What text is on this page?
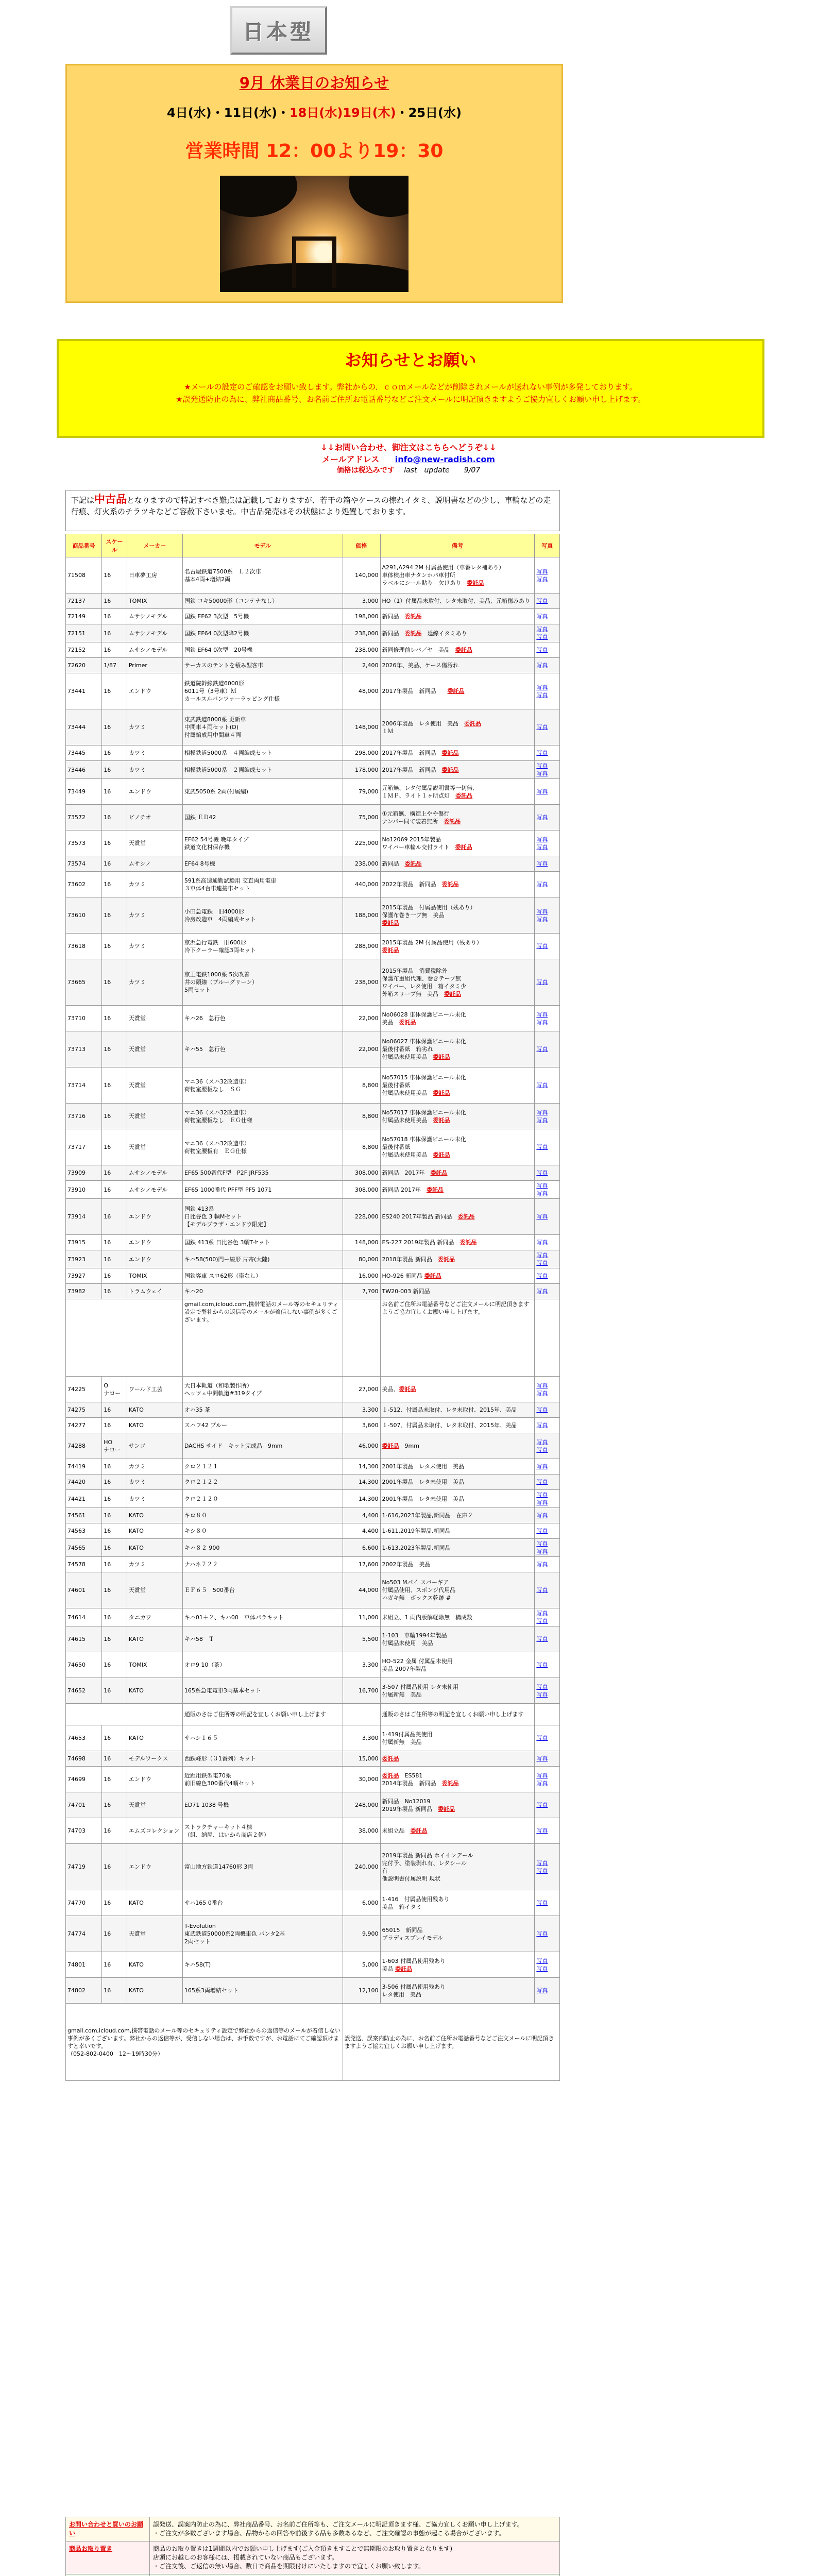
日本型
9月 休業日のお知らせ
4日(水)・11日(水)・18日(水)19日(木)・25日(水)
営業時間 12：00より19：30
お知らせとお願い
★メールの設定のご確認をお願い致します。弊社からの．ｃｏｍメールなどが削除されメールが送れない事例が多発しております。
★誤発送防止の為に、弊社商品番号、お名前ご住所お電話番号などご注文メールに明記頂きますようご協力宜しくお願い申し上げます。
↓↓お問い合わせ、御注文はこちらへどうぞ↓↓
メールアドレス info@new-radish.com
価格は税込みです last　update　　9/07
下記は中古品となりますので特記すべき難点は記載しておりますが、若干の箱やケースの擦れイタミ、説明書などの少し、車輪などの走行痕、灯火系のチラツキなどご容赦下さいませ。中古品発売はその状態により処置しております。
商品番号	スケール	メーカー	モデル	価格	備考	写真
71508	16	日車夢工房	名古屋鉄道7500系　Ｌ２次車
基本4両+増結2両	140,000	A291,A294 2M 付属品使用（車番レタ補あり）
車体検出車ナタンホパ車付所
ラベルにシール貼り　欠けあり　委託品	写真
写真
72137	16	TOMIX	国鉄 コキ50000形（コンテナなし）	3,000	HO（1）付属品未取付、レタ未取付、美品、元箱傷みあり	写真
72149	16	ムサシノモデル	国鉄 EF62 3次型　5号機	198,000	新同品　委託品	写真
72151	16	ムサシノモデル	国鉄 EF64 0次型降2号機	238,000	新同品　委託品　延線イタミあり	写真
写真
72152	16	ムサシノモデル	国鉄 EF64 0次型　20号機	238,000	新同修理前レバ／ヤ　美品　委託品	写真
72620	1/87	Primer	サーカスのテントを積み型客車	2,400	2026年、美品、ケース傷汚れ	写真
73441	16	エンドウ	鉄道院幹線鉄道6000形
6011号（3号車）Ｍ
カールスルバンツァーラッピング仕様	48,000	2017年製品　新同品　　委託品	写真
写真
73444	16	カツミ	東武鉄道8000系 更新車
中間車４両セット(D)
付属編成用中間車４両	148,000	2006年製品　レタ使用　美品　委託品
１Ｍ	写真
73445	16	カツミ	相模鉄道5000系　４両編成セット	298,000	2017年製品　新同品　委託品	写真
73446	16	カツミ	相模鉄道5000系　２両編成セット	178,000	2017年製品　新同品　委託品	写真
写真
73449	16	エンドウ	東武5050系 2両(付属編)	79,000	元箱無、レタ付属品説明書等一切無、
１ＭＰ、ライト１ヶ所点灯　委託品	写真
73572	16	ピノチオ	国鉄 ＥＤ42	75,000	①元箱無、構造上やや傷行
ナンバー同て装着無所　委託品	写真
73573	16	天賞堂	EF62 54号機 晩年タイプ
鉄道文化村保存機	225,000	No12069 2015年製品
ワイパー車輪ル交付ライト　委託品	写真
写真
73574	16	ムサシノ	EF64 8号機	238,000	新同品　委託品	写真
73602	16	カツミ	591系高速通勤試験用 交直両用電車
３車体4台車連接車セット	440,000	2022年製品　新同品　委託品	写真
73610	16	カツミ	小田急電鉄　旧4000形
冷房改造車　4両編成セット	188,000	2015年製品　付属品使用（残あり）
保護布巻き一ブ無　美品
委託品	写真
写真
73618	16	カツミ	京浜急行電鉄　旧600形
冷下クーラー確認3両セット	288,000	2015年製品 2M 付属品使用（残あり）
委託品	写真
73665	16	カツミ	京王電鉄1000系 5次改善
井の頭線（ブルーグリーン）
5両セット	238,000	2015年製品　消費税除外
保護布重組代理、巻きテープ無
ワイパー、レタ使用　箱イタミ少
外箱スリーブ無　美品　委託品	写真
73710	16	天賞堂	キハ26　急行色	22,000	No06028 車体保護ビニール未化
美品　委託品	写真
写真
73713	16	天賞堂	キハ55　急行色	22,000	No06027 車体保護ビニール未化
最後付番紙　箱劣れ
付属品未使用美品　委託品	写真
73714	16	天賞堂	マニ36（スハ32改造車）
荷物室腰板なし　ＳＧ	8,800	No57015 車体保護ビニール未化
最後付番紙
付属品未使用美品　委託品	写真
73716	16	天賞堂	マニ36（スハ32改造車）
荷物室腰板なし　ＥＧ仕様	8,800	No57017 車体保護ビニール未化
付属品未使用美品　委託品	写真
写真
73717	16	天賞堂	マニ36（スハ32改造車）
荷物室腰板有　ＥＧ仕様	8,800	No57018 車体保護ビニール未化
最後付番紙
付属品未使用美品　委託品	写真
73909	16	ムサシノモデル	EF65 500番代F型　P2F JRF535	308,000	新同品　2017年　委託品	写真
73910	16	ムサシノモデル	EF65 1000番代 PFF型 PF5 1071	308,000	新同品 2017年　委託品	写真
写真
73914	16	エンドウ	国鉄 413系
日比谷色 3 輌Mセット
【モデルプラザ・エンドウ限定】	228,000	ES240 2017年製品 新同品　委託品	写真
73915	16	エンドウ	国鉄 413系 日比谷色 3輌Tセット	148,000	ES-227 2019年製品 新同品　委託品	写真
73923	16	エンドウ	キハ58(500)門ー線形 片寄(大陸)	80,000	2018年製品 新同品　委託品	写真
写真
73927	16	TOMIX	国鉄客車 スロ62形（帯なし）	16,000	HO-926 新同品 委託品	写真
73982	16	トラムウェイ	キハ20	7,700	TW20-003 新同品	写真
			gmail.com,icloud.com,携帯電話のメール等のセキュリティ設定で弊社からの返信等のメールが着信しない事例が多くございます。		お名前ご住所お電話番号などご注文メールに明記頂きますようご協力宜しくお願い申し上げます。	
74225	O
ナロー	ワールド工芸	大日本軌道（和歌製作所）
ヘッツェ中間軌道#319タイプ	27,000	美品、委託品	写真
写真
74275	16	KATO	オハ35 茶	3,300	１‐512、付属品未取付、レタ未取付、2015年、美品	写真
74277	16	KATO	スハフ42 ブルー	3,600	１‐507、付属品未取付、レタ未取付、2015年、美品	写真
74288	HO
ナロー	サンゴ	DACHS サイド　キット完成品　9mm	46,000	委託品　9mm	写真
写真
74419	16	カツミ	クロ２１２１	14,300	2001年製品　レタ未使用　美品	写真
74420	16	カツミ	クロ２１２２	14,300	2001年製品　レタ未使用　美品	写真
74421	16	カツミ	クロ２１２０	14,300	2001年製品　レタ未使用　美品	写真
写真
74561	16	KATO	キロ８０	4,400	1-616,2023年製品,新同品　在庫２	写真
74563	16	KATO	キシ８０	4,400	1-611,2019年製品,新同品	写真
74565	16	KATO	キハ８２ 900	6,600	1-613,2023年製品,新同品	写真
写真
74578	16	カツミ	ナハネ７２２	17,600	2002年製品　美品	写真
74601	16	天賞堂	ＥＦ６５　500番台	44,000	No503 Mパイ スパーギア
付属品使用、スポンジ代用品
ハガキ無　ボックス乾跡 #	写真
74614	16	タニカワ	キハ01＋２、キハ00　車体パラキット	11,000	未組立、1 両内版解軽除無　構成数	写真
写真
74615	16	KATO	キハ58　Ｔ	5,500	1-103　車輪1994年製品
付属品未使用　美品	写真
74650	16	TOMIX	オロ9 10（茶）	3,300	HO-522 金属 付属品未使用
美品 2007年製品	写真
74652	16	KATO	165系急電電車3両基本セット	16,700	3-507 付属品使用 レタ未使用
付属新無　美品	写真
写真
			通販のさはご住所等の明記を宜しくお願い申し上げます		通販のさはご住所等の明記を宜しくお願い申し上げます	
74653	16	KATO	サハシ１６５	3,300	1-419付属品美使用
付属新無　美品	写真
74698	16	モデルワークス	西鉄峰形（３1番列）キット	15,000	委託品	写真
74699	16	エンドウ	近距用鉄型電70系
前旧線色300番代4輌セット	30,000	委託品　ES581
2014年製品　新同品　委託品	写真
写真
74701	16	天賞堂	ED71 1038 号機	248,000	新同品　No12019
2019年製品 新同品　委託品	写真
74703	16	エムズコレクション	ストラクチャーキット４棟
（組、納屋、はいから商店２個）	38,000	未組立品　委託品	写真
74719	16	エンドウ	富山地方鉄道14760形 3両	240,000	2019年製品 新同品 ホイインデール
完付予、塗装剥れ有、レタシール
有
他説明書付属説明 現状	写真
写真
74770	16	KATO	サハ165 0番台	6,000	1-416　付属品使用残あり
美品　箱イタミ	写真
74774	16	天賞堂	T-Evolution
東武鉄道50000系2両機車色 パンタ2基
2両セット	9,900	65015　新同品
プラディスプレイモデル	写真
74801	16	KATO	キハ58(T)	5,000	1-603 付属品使用残あり
美品 委託品	写真
写真
74802	16	KATO	165系3両増結セット	12,100	3-506 付属品使用残あり
レタ使用　美品	写真
gmail.com,icloud.com,携帯電話のメール等のセキュリティ設定で弊社からの返信等のメールが着信しない事例が多くございます。弊社からの返信等が、受信しない場合は、お手数ですが、お電話にてご確認頂けますと幸いです。
（052-802-0400　12～19時30分）				誤発送、誤案内防止の為に、お名前ご住所お電話番号などご注文メールに明記頂きますようご協力宜しくお願い申し上げます。		
お問い合わせと買いのお願い	誤発送、誤案内防止の為に、弊社商品番号、お名前ご住所等も、ご注文メールに明記頂きます様、ご協力宜しくお願い申し上げます。
・ご注文が多数ございます場合、品物からの回答や前後する品も多数あるなど、ご注文確認の事態が起こる場合がございます。
商品お取り置き	商品のお取り置きは1週間以内でお願い申し上げます(ご入金頂きますことで無期限のお取り置きとなります)
店頭にお越しのお客様には、掲載されていない商品もございます。
・ご注文後、ご返信の無い場合、数日で商品を期限付けにいたしますので宜しくお願い致します。
